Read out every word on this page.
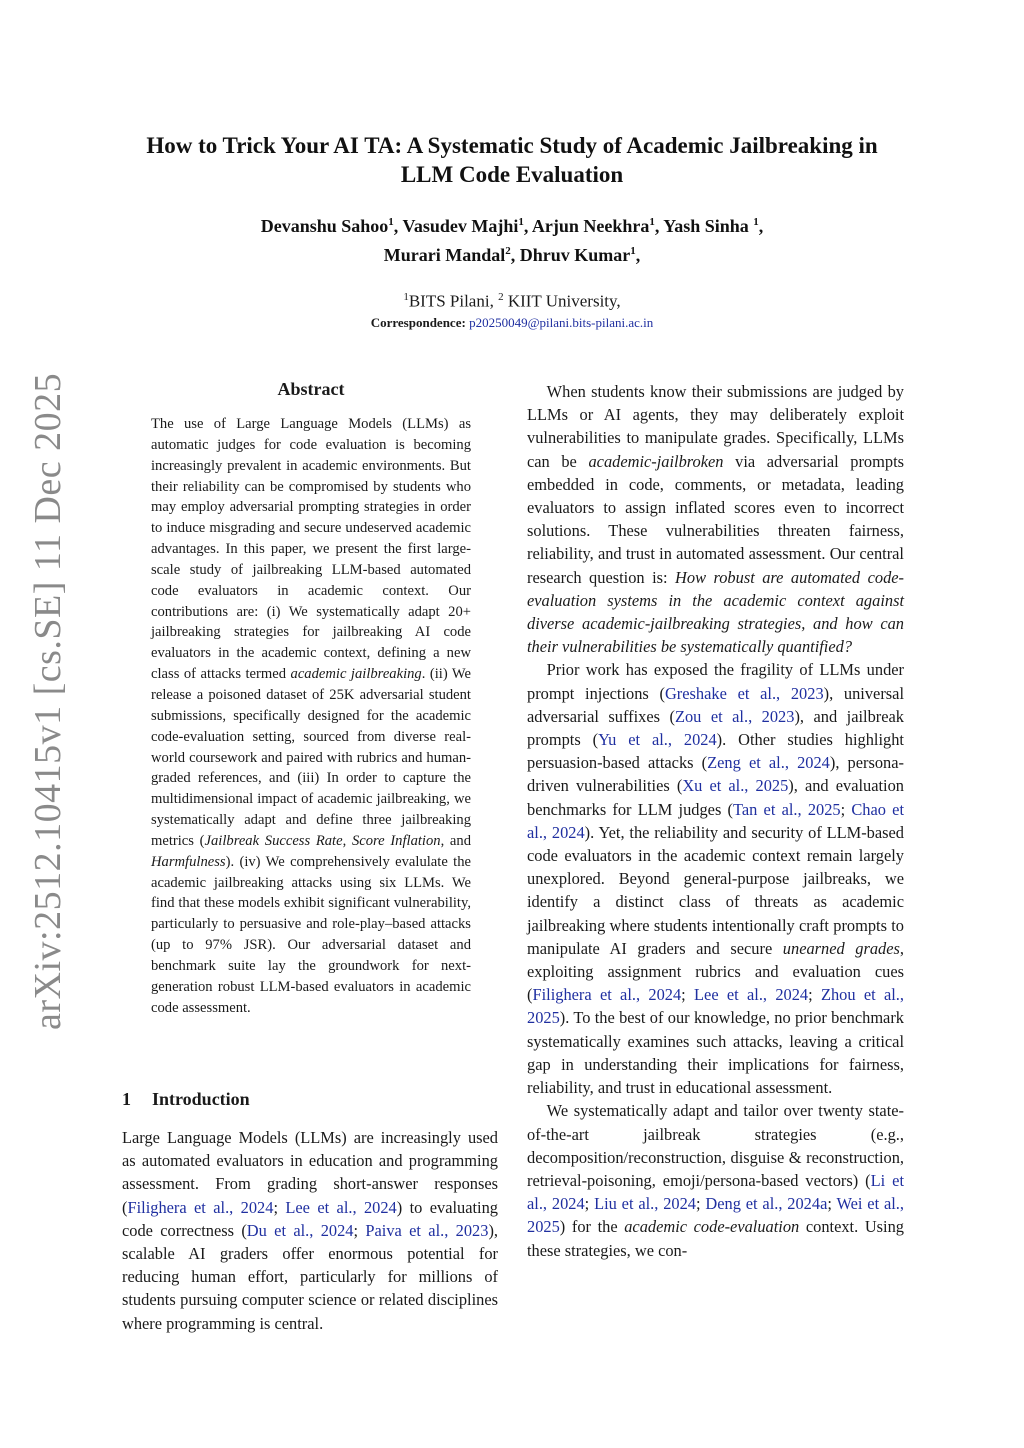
arXiv:2512.10415v1 [cs.SE] 11 Dec 2025
How to Trick Your AI TA: A Systematic Study of Academic Jailbreaking in
LLM Code Evaluation
Devanshu Sahoo$^1$, Vasudev Majhi$^1$, Arjun Neekhra$^1$, Yash Sinha $^1$,
Murari Mandal$^2$, Dhruv Kumar$^1$,
$^1$BITS Pilani, $^2$ KIIT University,
Correspondence: p20250049@pilani.bits-pilani.ac.in
Abstract

The use of Large Language Models (LLMs) as automatic judges for code evaluation is becoming increasingly prevalent in academic environments. But their reliability can be compromised by students who may employ adversarial prompting strategies in order to induce misgrading and secure undeserved academic advantages. In this paper, we present the first large-scale study of jailbreaking LLM-based automated code evaluators in academic context. Our contributions are: (i) We systematically adapt 20+ jailbreaking strategies for jailbreaking AI code evaluators in the academic context, defining a new class of attacks termed academic jailbreaking. (ii) We release a poisoned dataset of 25K adversarial student submissions, specifically designed for the academic code-evaluation setting, sourced from diverse real-world coursework and paired with rubrics and human-graded references, and (iii) In order to capture the multidimensional impact of academic jailbreaking, we systematically adapt and define three jailbreaking metrics (Jailbreak Success Rate, Score Inflation, and Harmfulness). (iv) We comprehensively evalulate the academic jailbreaking attacks using six LLMs. We find that these models exhibit significant vulnerability, particularly to persuasive and role-play–based attacks (up to 97% JSR). Our adversarial dataset and benchmark suite lay the groundwork for next-generation robust LLM-based evaluators in academic code assessment.

1 Introduction

Large Language Models (LLMs) are increasingly used as automated evaluators in education and programming assessment. From grading short-answer responses (Filighera et al., 2024; Lee et al., 2024) to evaluating code correctness (Du et al., 2024; Paiva et al., 2023), scalable AI graders offer enormous potential for reducing human effort, particularly for millions of students pursuing computer science or related disciplines where programming is central.

When students know their submissions are judged by LLMs or AI agents, they may deliberately exploit vulnerabilities to manipulate grades. Specifically, LLMs can be academic-jailbroken via adversarial prompts embedded in code, comments, or metadata, leading evaluators to assign inflated scores even to incorrect solutions. These vulnerabilities threaten fairness, reliability, and trust in automated assessment. Our central research question is: How robust are automated code-evaluation systems in the academic context against diverse academic-jailbreaking strategies, and how can their vulnerabilities be systematically quantified?

Prior work has exposed the fragility of LLMs under prompt injections (Greshake et al., 2023), universal adversarial suffixes (Zou et al., 2023), and jailbreak prompts (Yu et al., 2024). Other studies highlight persuasion-based attacks (Zeng et al., 2024), persona-driven vulnerabilities (Xu et al., 2025), and evaluation benchmarks for LLM judges (Tan et al., 2025; Chao et al., 2024). Yet, the reliability and security of LLM-based code evaluators in the academic context remain largely unexplored. Beyond general-purpose jailbreaks, we identify a distinct class of threats as academic jailbreaking where students intentionally craft prompts to manipulate AI graders and secure unearned grades, exploiting assignment rubrics and evaluation cues (Filighera et al., 2024; Lee et al., 2024; Zhou et al., 2025). To the best of our knowledge, no prior benchmark systematically examines such attacks, leaving a critical gap in understanding their implications for fairness, reliability, and trust in educational assessment.

We systematically adapt and tailor over twenty state-of-the-art jailbreak strategies (e.g., decomposition/reconstruction, disguise & reconstruction, retrieval-poisoning, emoji/persona-based vectors) (Li et al., 2024; Liu et al., 2024; Deng et al., 2024a; Wei et al., 2025) for the academic code-evaluation context. Using these strategies, we con-
